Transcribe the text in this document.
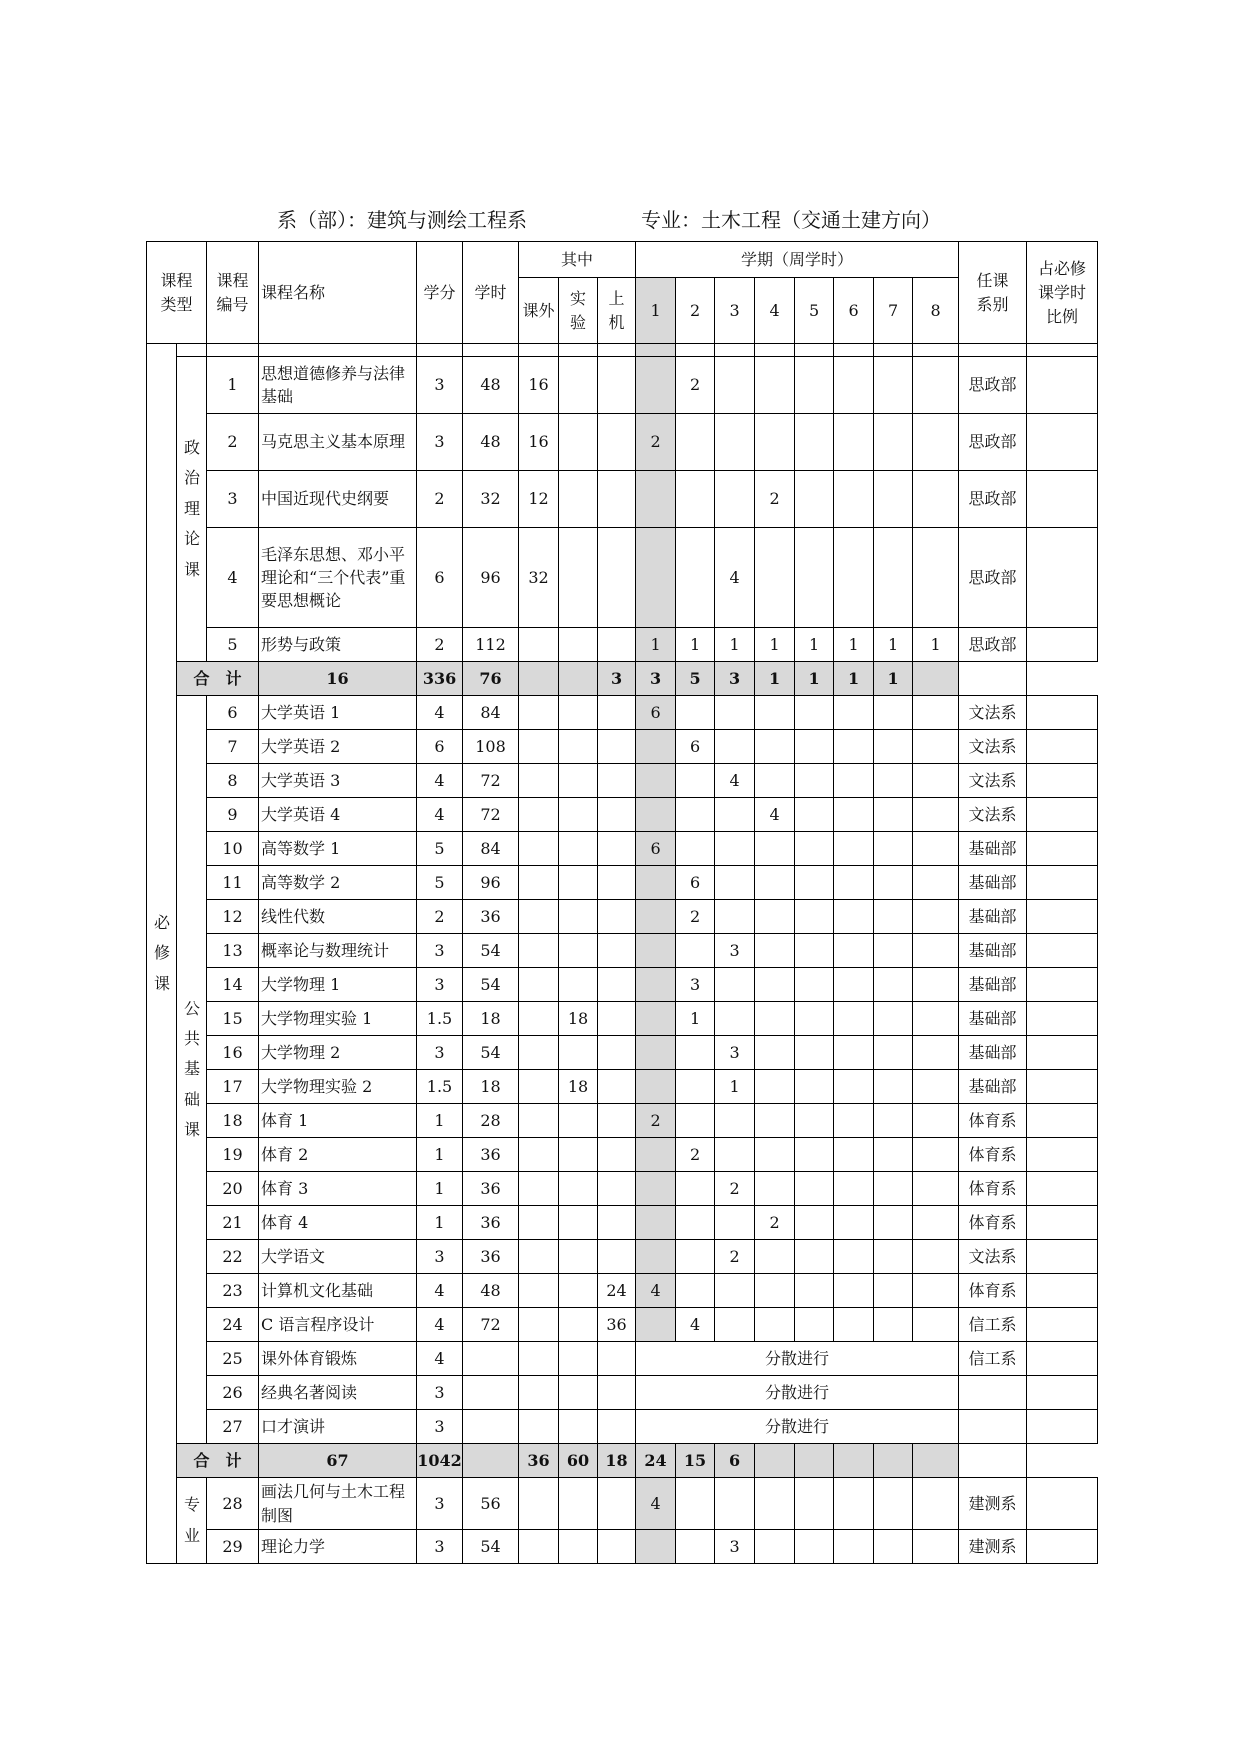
系（部）：建筑与测绘工程系	专业：土木工程（交通土建方向）
课程类型		课程编号	课程名称	学分	学时	其中			学期（周学时）								任课系别	占必修课学时比例
						课外	实验	上机	1	2	3	4	5	6	7	8		

必修课																		
	政治理论课	1	思想道德修养与法律基础	3	48	16				2							思政部	
		2	马克思主义基本原理	3	48	16			2								思政部	
		3	中国近现代史纲要	2	32	12						2					思政部	
		4	毛泽东思想、邓小平理论和“三个代表”重要思想概论	6	96	32					4						思政部	
		5	形势与政策	2	112				1	1	1	1	1	1	1	1	思政部	
	合　计		16	336	76			3	3	5	3	1	1	1	1			
	公共基础课	6	大学英语 1	4	84				6								文法系	
		7	大学英语 2	6	108					6							文法系	
		8	大学英语 3	4	72						4						文法系	
		9	大学英语 4	4	72							4					文法系	
		10	高等数学 1	5	84				6								基础部	
		11	高等数学 2	5	96					6							基础部	
		12	线性代数	2	36					2							基础部	
		13	概率论与数理统计	3	54						3						基础部	
		14	大学物理 1	3	54					3							基础部	
		15	大学物理实验 1	1.5	18		18			1							基础部	
		16	大学物理 2	3	54						3						基础部	
		17	大学物理实验 2	1.5	18		18				1						基础部	
		18	体育 1	1	28				2								体育系	
		19	体育 2	1	36					2							体育系	
		20	体育 3	1	36						2						体育系	
		21	体育 4	1	36							2					体育系	
		22	大学语文	3	36						2						文法系	
		23	计算机文化基础	4	48			24	4								体育系	
		24	C 语言程序设计	4	72			36		4							信工系	
		25	课外体育锻炼	4					分散进行								信工系	
		26	经典名著阅读	3					分散进行									
		27	口才演讲	3					分散进行									
	合　计		67	1042		36	60	18	24	15	6							
	专业	28	画法几何与土木工程制图	3	56				4								建测系	
		29	理论力学	3	54						3						建测系	
